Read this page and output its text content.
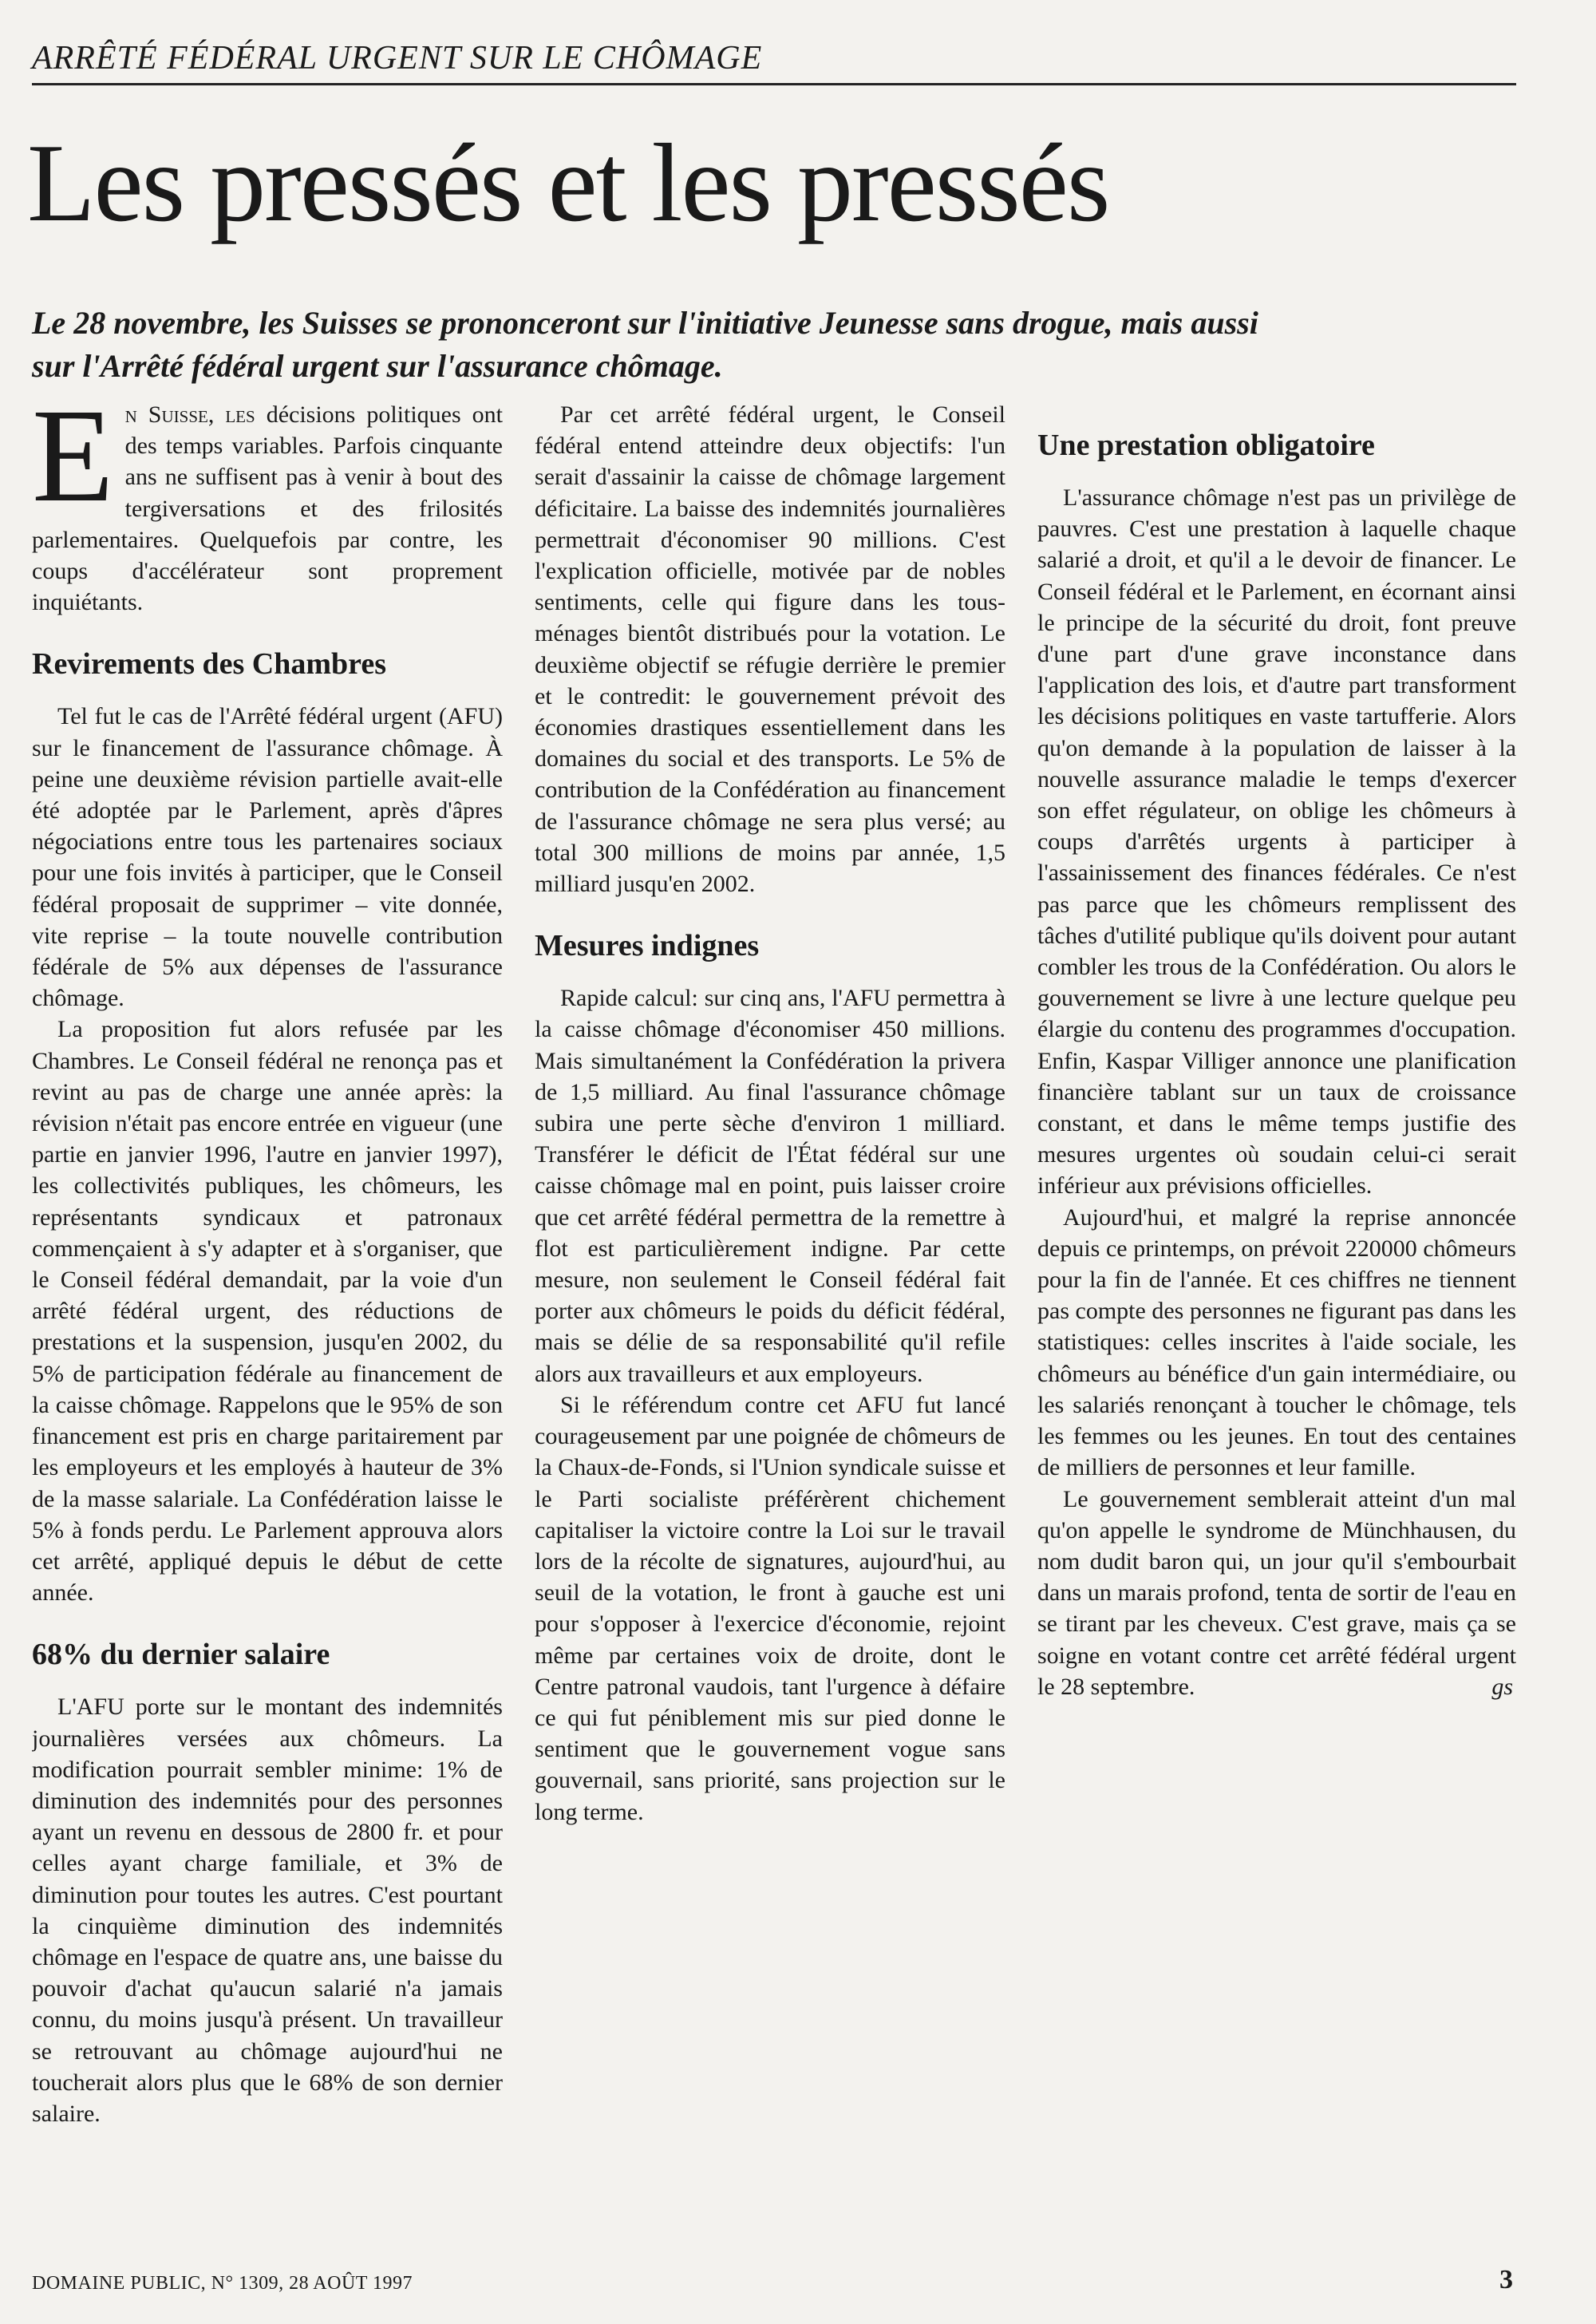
ARRÊTÉ FÉDÉRAL URGENT SUR LE CHÔMAGE
Les pressés et les pressés

Le 28 novembre, les Suisses se prononceront sur l'initiative Jeunesse sans drogue, mais aussi sur l'Arrêté fédéral urgent sur l'assurance chômage.

En Suisse, les décisions politiques ont des temps variables. Parfois cinquante ans ne suffisent pas à venir à bout des tergiversations et des frilosités parlementaires. Quelquefois par contre, les coups d'accélérateur sont proprement inquiétants.

Revirements des Chambres

Tel fut le cas de l'Arrêté fédéral urgent (AFU) sur le financement de l'assurance chômage. À peine une deuxième révision partielle avait-elle été adoptée par le Parlement, après d'âpres négociations entre tous les partenaires sociaux pour une fois invités à participer, que le Conseil fédéral proposait de supprimer – vite donnée, vite reprise – la toute nouvelle contribution fédérale de 5% aux dépenses de l'assurance chômage.

La proposition fut alors refusée par les Chambres. Le Conseil fédéral ne renonça pas et revint au pas de charge une année après: la révision n'était pas encore entrée en vigueur (une partie en janvier 1996, l'autre en janvier 1997), les collectivités publiques, les chômeurs, les représentants syndicaux et patronaux commençaient à s'y adapter et à s'organiser, que le Conseil fédéral demandait, par la voie d'un arrêté fédéral urgent, des réductions de prestations et la suspension, jusqu'en 2002, du 5% de participation fédérale au financement de la caisse chômage. Rappelons que le 95% de son financement est pris en charge paritairement par les employeurs et les employés à hauteur de 3% de la masse salariale. La Confédération laisse le 5% à fonds perdu. Le Parlement approuva alors cet arrêté, appliqué depuis le début de cette année.

68% du dernier salaire

L'AFU porte sur le montant des indemnités journalières versées aux chômeurs. La modification pourrait sembler minime: 1% de diminution des indemnités pour des personnes ayant un revenu en dessous de 2800 fr. et pour celles ayant charge familiale, et 3% de diminution pour toutes les autres. C'est pourtant la cinquième diminution des indemnités chômage en l'espace de quatre ans, une baisse du pouvoir d'achat qu'aucun salarié n'a jamais connu, du moins jusqu'à présent. Un travailleur se retrouvant au chômage aujourd'hui ne toucherait alors plus que le 68% de son dernier salaire.

Par cet arrêté fédéral urgent, le Conseil fédéral entend atteindre deux objectifs: l'un serait d'assainir la caisse de chômage largement déficitaire. La baisse des indemnités journalières permettrait d'économiser 90 millions. C'est l'explication officielle, motivée par de nobles sentiments, celle qui figure dans les tous-ménages bientôt distribués pour la votation. Le deuxième objectif se réfugie derrière le premier et le contredit: le gouvernement prévoit des économies drastiques essentiellement dans les domaines du social et des transports. Le 5% de contribution de la Confédération au financement de l'assurance chômage ne sera plus versé; au total 300 millions de moins par année, 1,5 milliard jusqu'en 2002.

Mesures indignes

Rapide calcul: sur cinq ans, l'AFU permettra à la caisse chômage d'économiser 450 millions. Mais simultanément la Confédération la privera de 1,5 milliard. Au final l'assurance chômage subira une perte sèche d'environ 1 milliard. Transférer le déficit de l'État fédéral sur une caisse chômage mal en point, puis laisser croire que cet arrêté fédéral permettra de la remettre à flot est particulièrement indigne. Par cette mesure, non seulement le Conseil fédéral fait porter aux chômeurs le poids du déficit fédéral, mais se délie de sa responsabilité qu'il refile alors aux travailleurs et aux employeurs.

Si le référendum contre cet AFU fut lancé courageusement par une poignée de chômeurs de la Chaux-de-Fonds, si l'Union syndicale suisse et le Parti socialiste préférèrent chichement capitaliser la victoire contre la Loi sur le travail lors de la récolte de signatures, aujourd'hui, au seuil de la votation, le front à gauche est uni pour s'opposer à l'exercice d'économie, rejoint même par certaines voix de droite, dont le Centre patronal vaudois, tant l'urgence à défaire ce qui fut péniblement mis sur pied donne le sentiment que le gouvernement vogue sans gouvernail, sans priorité, sans projection sur le long terme.

Une prestation obligatoire

L'assurance chômage n'est pas un privilège de pauvres. C'est une prestation à laquelle chaque salarié a droit, et qu'il a le devoir de financer. Le Conseil fédéral et le Parlement, en écornant ainsi le principe de la sécurité du droit, font preuve d'une part d'une grave inconstance dans l'application des lois, et d'autre part transforment les décisions politiques en vaste tartufferie. Alors qu'on demande à la population de laisser à la nouvelle assurance maladie le temps d'exercer son effet régulateur, on oblige les chômeurs à coups d'arrêtés urgents à participer à l'assainissement des finances fédérales. Ce n'est pas parce que les chômeurs remplissent des tâches d'utilité publique qu'ils doivent pour autant combler les trous de la Confédération. Ou alors le gouvernement se livre à une lecture quelque peu élargie du contenu des programmes d'occupation. Enfin, Kaspar Villiger annonce une planification financière tablant sur un taux de croissance constant, et dans le même temps justifie des mesures urgentes où soudain celui-ci serait inférieur aux prévisions officielles.

Aujourd'hui, et malgré la reprise annoncée depuis ce printemps, on prévoit 220000 chômeurs pour la fin de l'année. Et ces chiffres ne tiennent pas compte des personnes ne figurant pas dans les statistiques: celles inscrites à l'aide sociale, les chômeurs au bénéfice d'un gain intermédiaire, ou les salariés renonçant à toucher le chômage, tels les femmes ou les jeunes. En tout des centaines de milliers de personnes et leur famille.

Le gouvernement semblerait atteint d'un mal qu'on appelle le syndrome de Münchhausen, du nom dudit baron qui, un jour qu'il s'embourbait dans un marais profond, tenta de sortir de l'eau en se tirant par les cheveux. C'est grave, mais ça se soigne en votant contre cet arrêté fédéral urgent le 28 septembre.	gs

DOMAINE PUBLIC, N° 1309, 28 AOÛT 1997	3
